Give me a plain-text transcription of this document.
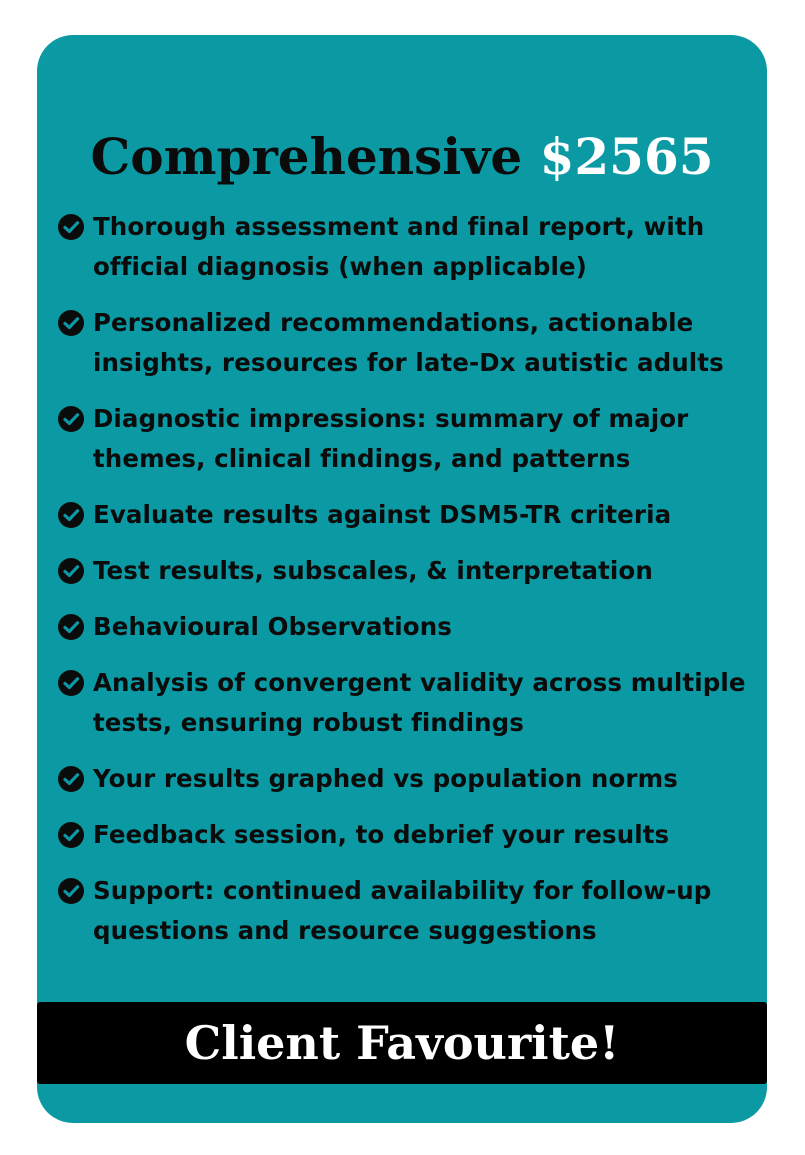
Comprehensive $2565
Thorough assessment and final report, with official diagnosis (when applicable)
Personalized recommendations, actionable insights, resources for late-Dx autistic adults
Diagnostic impressions: summary of major themes, clinical findings, and patterns
Evaluate results against DSM5-TR criteria
Test results, subscales, & interpretation
Behavioural Observations
Analysis of convergent validity across multiple tests, ensuring robust findings
Your results graphed vs population norms
Feedback session, to debrief your results
Support: continued availability for follow-up questions and resource suggestions
Client Favourite!
